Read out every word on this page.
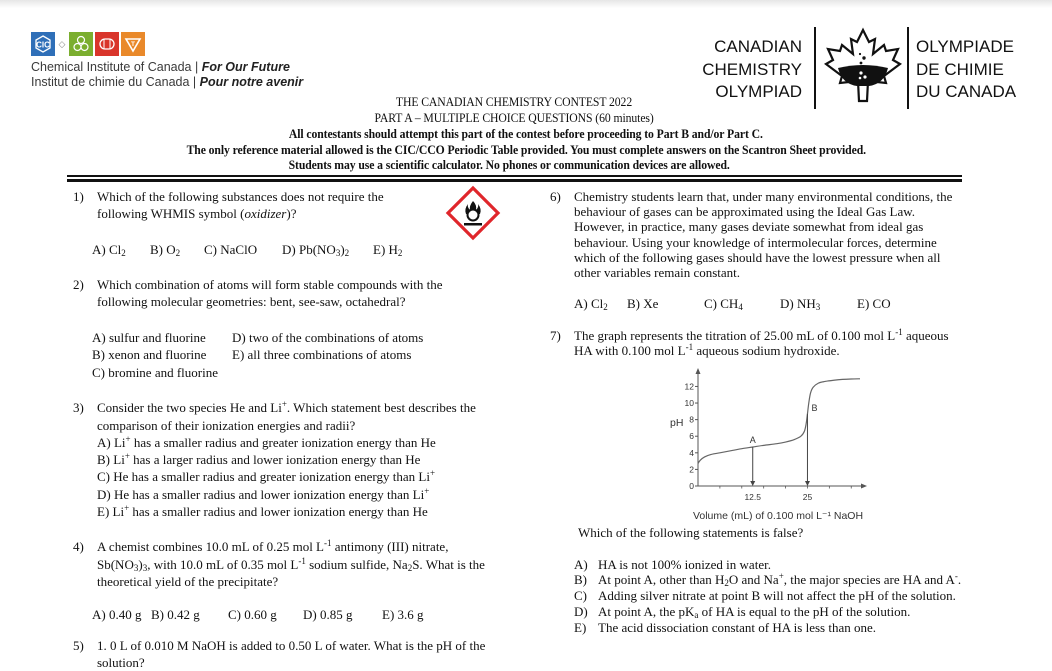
CIC ◇	T
Chemical Institute of Canada | For Our Future
Institut de chimie du Canada | Pour notre avenir
CANADIAN
CHEMISTRY
OLYMPIAD
OLYMPIADE
DE CHIMIE
DU CANADA
THE CANADIAN CHEMISTRY CONTEST 2022
PART A – MULTIPLE CHOICE QUESTIONS (60 minutes)
All contestants should attempt this part of the contest before proceeding to Part B and/or Part C.
The only reference material allowed is the CIC/CCO Periodic Table provided. You must complete answers on the Scantron Sheet provided.
Students may use a scientific calculator. No phones or communication devices are allowed.
1) Which of the following substances does not require the
following WHMIS symbol (oxidizer)?
A) $Cl_2$ B) $O_2$ C) NaClO D) $Pb(NO_3)_2$ E) $H_2$
2) Which combination of atoms will form stable compounds with the
following molecular geometries: bent, see-saw, octahedral?
A) sulfur and fluorine
B) xenon and fluorine
C) bromine and fluorine
D) two of the combinations of atoms
E) all three combinations of atoms
3) Consider the two species He and Li+. Which statement best describes the
comparison of their ionization energies and radii?
A) Li+ has a smaller radius and greater ionization energy than He
B) Li+ has a larger radius and lower ionization energy than He
C) He has a smaller radius and greater ionization energy than Li+
D) He has a smaller radius and lower ionization energy than Li+
E) Li+ has a smaller radius and lower ionization energy than He
4) A chemist combines 10.0 mL of 0.25 mol $L^{-1}$ antimony (III) nitrate,
$Sb(NO_3)_3$, with 10.0 mL of 0.35 mol $L^{-1}$ sodium sulfide, $Na_2S$. What is the
theoretical yield of the precipitate?
A) 0.40 g B) 0.42 g C) 0.60 g D) 0.85 g E) 3.6 g
5) 1. 0 L of 0.010 M NaOH is added to 0.50 L of water. What is the pH of the
solution?
6) Chemistry students learn that, under many environmental conditions, the
behaviour of gases can be approximated using the Ideal Gas Law.
However, in practice, many gases deviate somewhat from ideal gas
behaviour. Using your knowledge of intermolecular forces, determine
which of the following gases should have the lowest pressure when all
other variables remain constant.
A) $Cl_2$ B) Xe	C) $CH_4$	D) $NH_3$	E) CO
7) The graph represents the titration of 25.00 mL of 0.100 mol $L^{-1}$ aqueous
HA with 0.100 mol $L^{-1}$ aqueous sodium hydroxide.
0
2
4
6
8
10
12
12.5	25
pH
Volume (mL) of 0.100 mol L⁻¹ NaOH
A
B
Which of the following statements is false?
A) HA is not 100% ionized in water.
B) At point A, other than $H_2O$ and Na+, the major species are HA and A-.
C) Adding silver nitrate at point B will not affect the pH of the solution.
D) At point A, the $pK_a$ of HA is equal to the pH of the solution.
E) The acid dissociation constant of HA is less than one.
